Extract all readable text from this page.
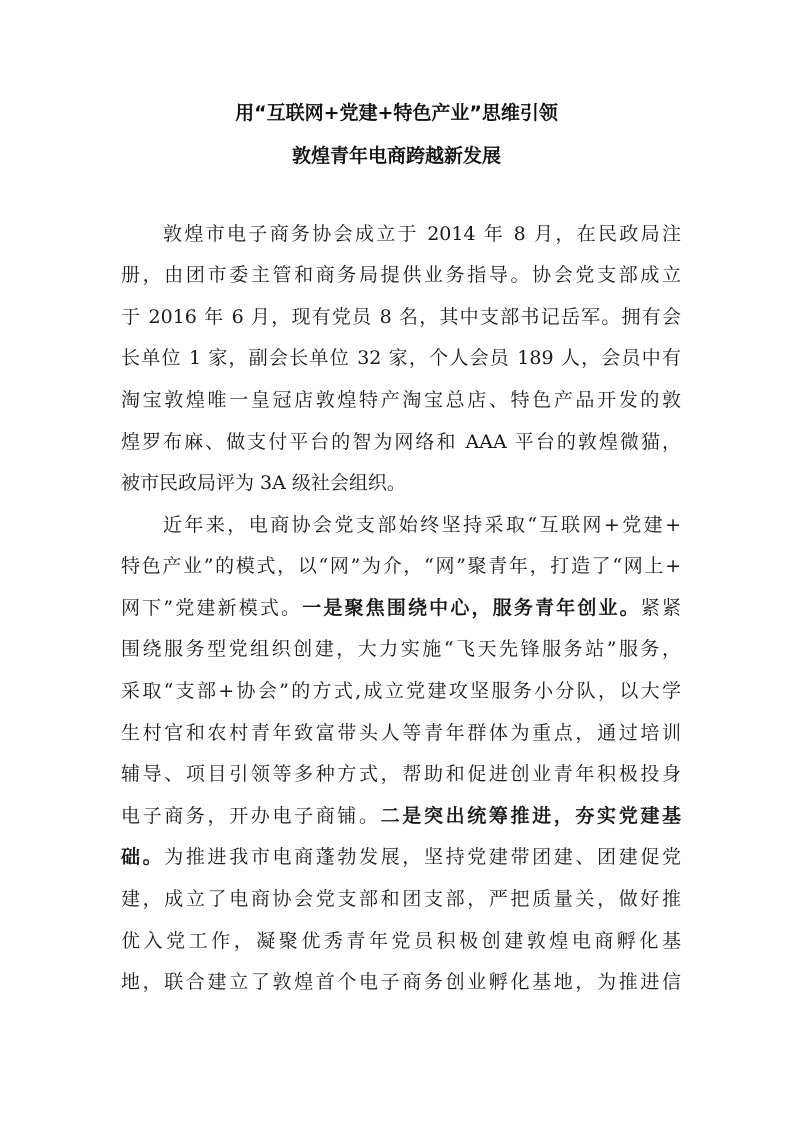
用“互联网+党建+特色产业”思维引领
敦煌青年电商跨越新发展
敦煌市电子商务协会成立于 2014 年 8 月，在民政局注
册，由团市委主管和商务局提供业务指导。协会党支部成立
于 2016 年 6 月，现有党员 8 名，其中支部书记岳军。拥有会
长单位 1 家，副会长单位 32 家，个人会员 189 人，会员中有
淘宝敦煌唯一皇冠店敦煌特产淘宝总店、特色产品开发的敦
煌罗布麻、做支付平台的智为网络和 AAA 平台的敦煌微猫，
被市民政局评为 3A 级社会组织。
近年来，电商协会党支部始终坚持采取“互联网+党建+
特色产业”的模式，以“网”为介，“网”聚青年，打造了“网上+
网下”党建新模式。一是聚焦围绕中心，服务青年创业。紧紧
围绕服务型党组织创建，大力实施“飞天先锋服务站”服务，
采取“支部+协会”的方式,成立党建攻坚服务小分队，以大学
生村官和农村青年致富带头人等青年群体为重点，通过培训
辅导、项目引领等多种方式，帮助和促进创业青年积极投身
电子商务，开办电子商铺。二是突出统筹推进，夯实党建基
础。为推进我市电商蓬勃发展，坚持党建带团建、团建促党
建，成立了电商协会党支部和团支部，严把质量关，做好推
优入党工作，凝聚优秀青年党员积极创建敦煌电商孵化基
地，联合建立了敦煌首个电子商务创业孵化基地，为推进信
